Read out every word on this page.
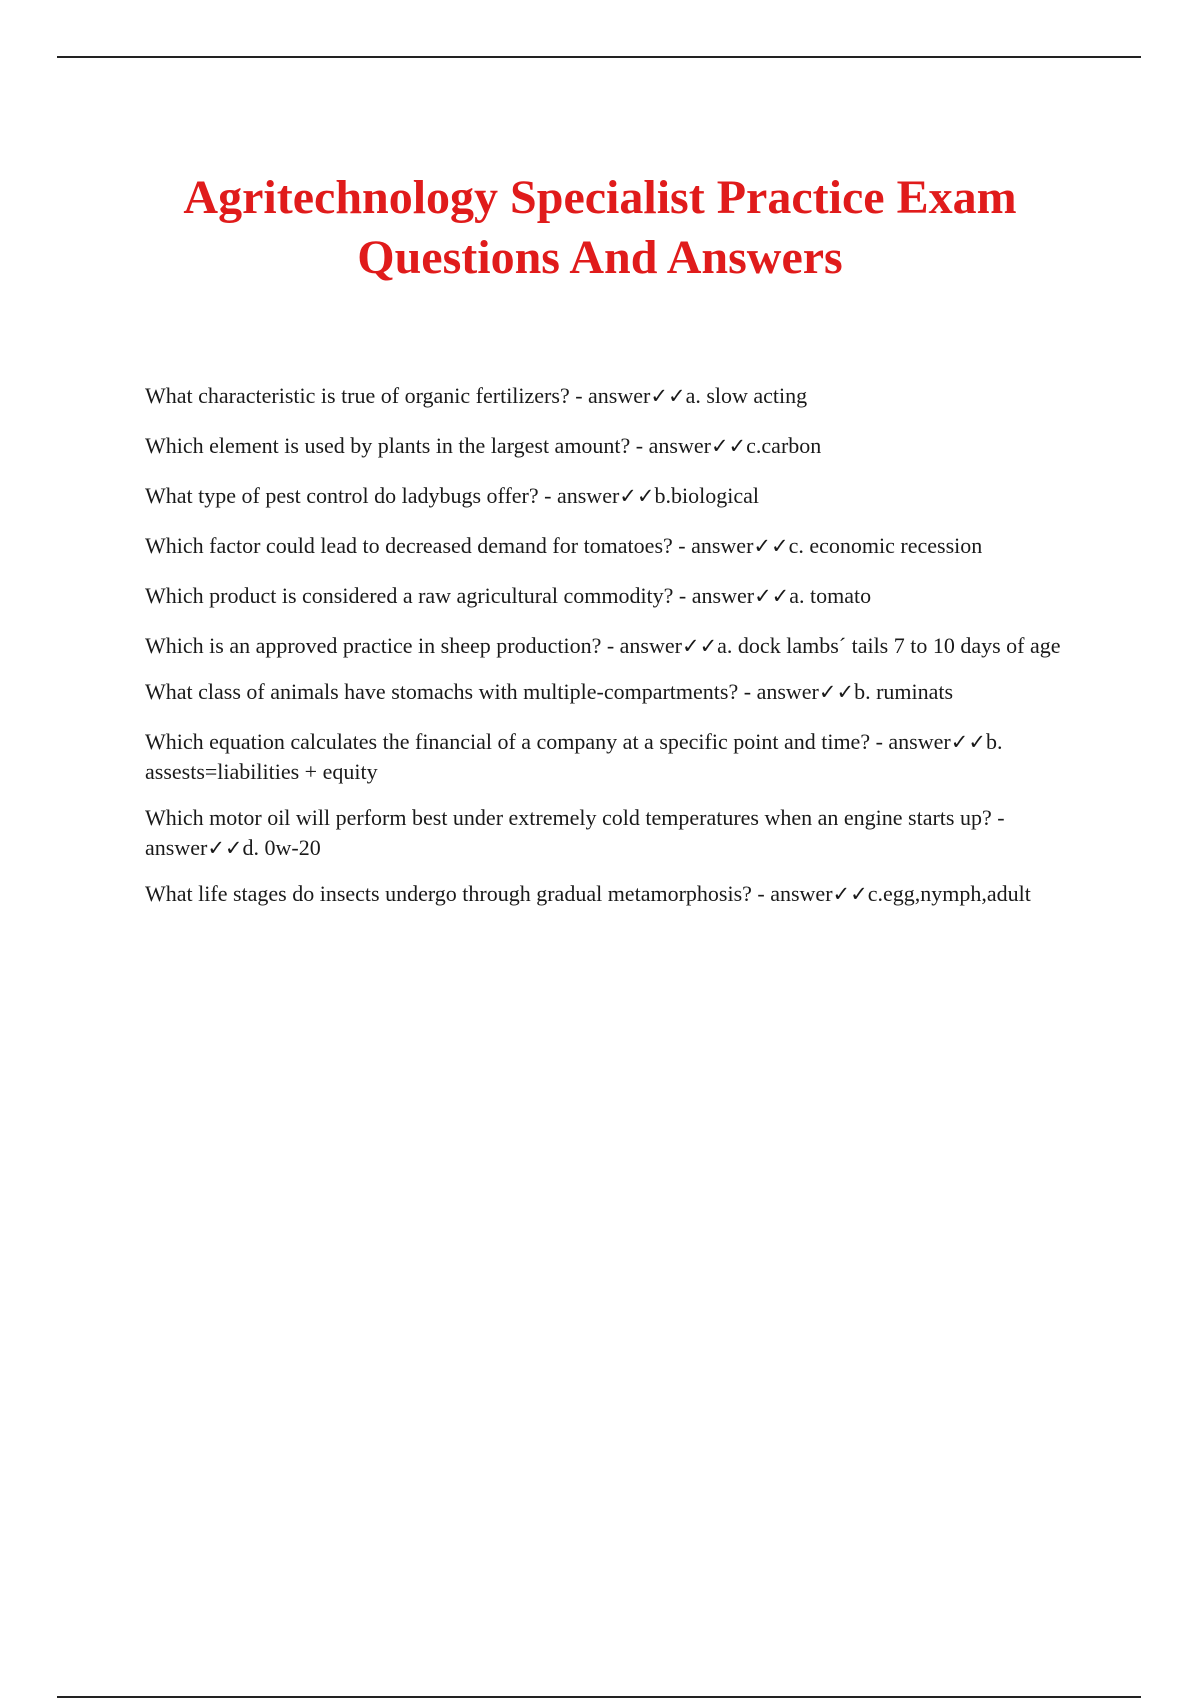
Agritechnology Specialist Practice Exam
Questions And Answers
What characteristic is true of organic fertilizers? - answer✓✓a. slow acting
Which element is used by plants in the largest amount? - answer✓✓c.carbon
What type of pest control do ladybugs offer? - answer✓✓b.biological
Which factor could lead to decreased demand for tomatoes? - answer✓✓c. economic recession
Which product is considered a raw agricultural commodity? - answer✓✓a. tomato
Which is an approved practice in sheep production? - answer✓✓a. dock lambs´ tails 7 to 10 days of age
What class of animals have stomachs with multiple-compartments? - answer✓✓b. ruminats
Which equation calculates the financial of a company at a specific point and time? - answer✓✓b. assests=liabilities + equity
Which motor oil will perform best under extremely cold temperatures when an engine starts up? - answer✓✓d. 0w-20
What life stages do insects undergo through gradual metamorphosis? - answer✓✓c.egg,nymph,adult
